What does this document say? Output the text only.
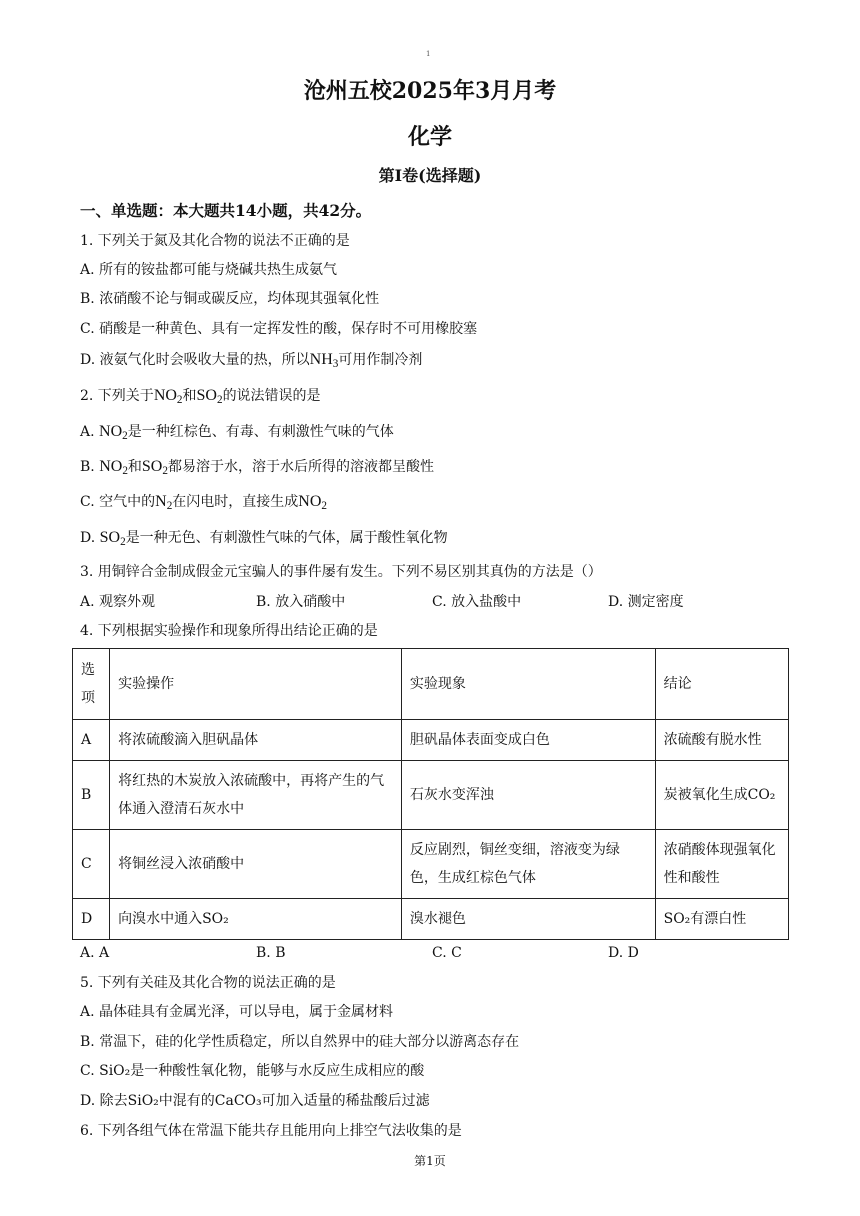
1
沧州五校2025年3月月考
化学
第I卷(选择题)
一、单选题：本大题共14小题，共42分。
1. 下列关于氮及其化合物的说法不正确的是
A. 所有的铵盐都可能与烧碱共热生成氨气
B. 浓硝酸不论与铜或碳反应，均体现其强氧化性
C. 硝酸是一种黄色、具有一定挥发性的酸，保存时不可用橡胶塞
D. 液氨气化时会吸收大量的热，所以$NH_3$可用作制冷剂
2. 下列关于$NO_2$和$SO_2$的说法错误的是
A. $NO_2$是一种红棕色、有毒、有刺激性气味的气体
B. $NO_2$和$SO_2$都易溶于水，溶于水后所得的溶液都呈酸性
C. 空气中的$N_2$在闪电时，直接生成$NO_2$
D. $SO_2$是一种无色、有刺激性气味的气体，属于酸性氧化物
3. 用铜锌合金制成假金元宝骗人的事件屡有发生。下列不易区别其真伪的方法是（）
A. 观察外观	B. 放入硝酸中	C. 放入盐酸中	D. 测定密度
4. 下列根据实验操作和现象所得出结论正确的是
选项	实验操作	实验现象	结论
A	将浓硫酸滴入胆矾晶体	胆矾晶体表面变成白色	浓硫酸有脱水性
B	将红热的木炭放入浓硫酸中，再将产生的气体通入澄清石灰水中	石灰水变浑浊	炭被氧化生成CO₂
C	将铜丝浸入浓硝酸中	反应剧烈，铜丝变细，溶液变为绿色，生成红棕色气体	浓硝酸体现强氧化性和酸性
D	向溴水中通入SO₂	溴水褪色	SO₂有漂白性
A. A	B. B	C. C	D. D
5. 下列有关硅及其化合物的说法正确的是
A. 晶体硅具有金属光泽，可以导电，属于金属材料
B. 常温下，硅的化学性质稳定，所以自然界中的硅大部分以游离态存在
C. SiO₂是一种酸性氧化物，能够与水反应生成相应的酸
D. 除去SiO₂中混有的CaCO₃可加入适量的稀盐酸后过滤
6. 下列各组气体在常温下能共存且能用向上排空气法收集的是
第1页
